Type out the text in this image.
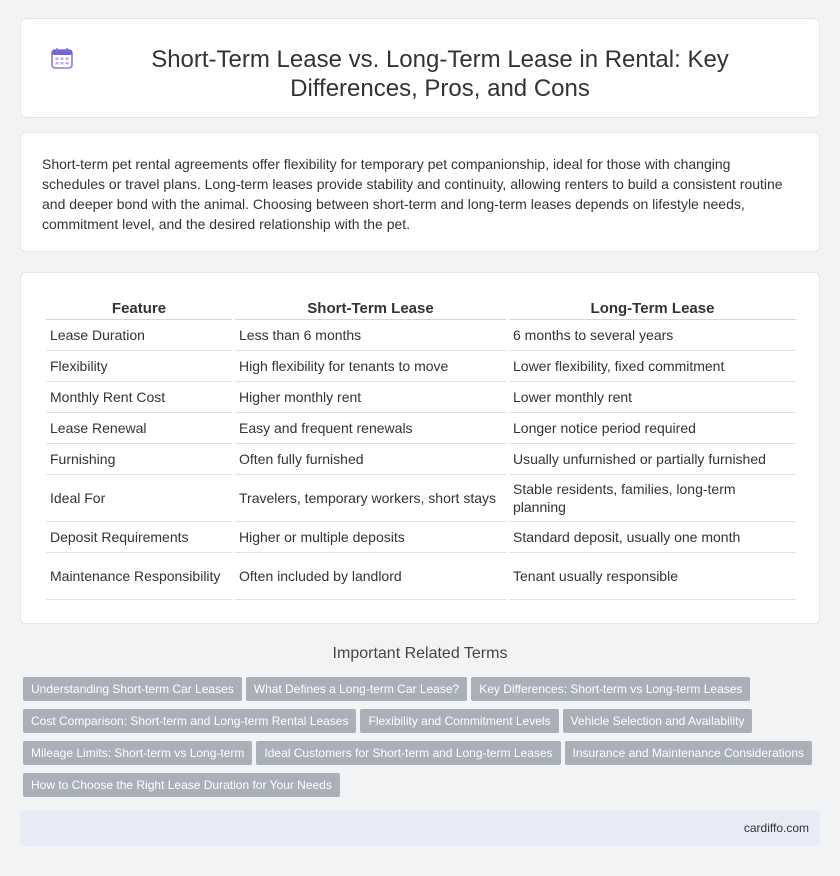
Short-Term Lease vs. Long-Term Lease in Rental: Key Differences, Pros, and Cons

Short-term pet rental agreements offer flexibility for temporary pet companionship, ideal for those with changing schedules or travel plans. Long-term leases provide stability and continuity, allowing renters to build a consistent routine and deeper bond with the animal. Choosing between short-term and long-term leases depends on lifestyle needs, commitment level, and the desired relationship with the pet.

Feature	Short-Term Lease	Long-Term Lease
Lease Duration	Less than 6 months	6 months to several years
Flexibility	High flexibility for tenants to move	Lower flexibility, fixed commitment
Monthly Rent Cost	Higher monthly rent	Lower monthly rent
Lease Renewal	Easy and frequent renewals	Longer notice period required
Furnishing	Often fully furnished	Usually unfurnished or partially furnished
Ideal For	Travelers, temporary workers, short stays	Stable residents, families, long-term planning
Deposit Requirements	Higher or multiple deposits	Standard deposit, usually one month
Maintenance Responsibility	Often included by landlord	Tenant usually responsible
Important Related Terms
Understanding Short-term Car Leases What Defines a Long-term Car Lease? Key Differences: Short-term vs Long-term Leases
Cost Comparison: Short-term and Long-term Rental Leases Flexibility and Commitment Levels Vehicle Selection and Availability
Mileage Limits: Short-term vs Long-term Ideal Customers for Short-term and Long-term Leases Insurance and Maintenance Considerations
How to Choose the Right Lease Duration for Your Needs
cardiffo.com
